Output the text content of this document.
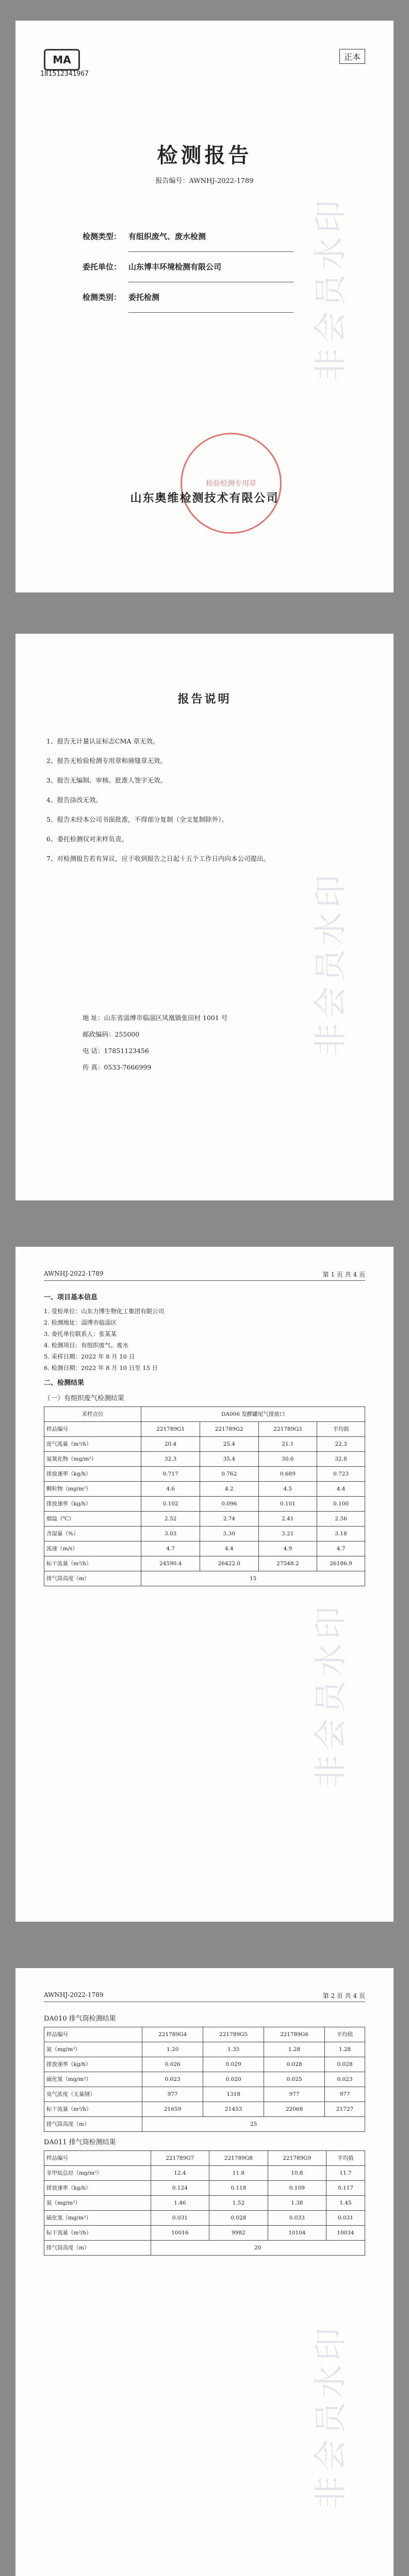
MA
181512341967
正本
检测报告
报告编号：AWNHJ-2022-1789
检测类型： 有组织废气、废水检测
委托单位： 山东博丰环境检测有限公司
检测类别： 委托检测
检验检测专用章
山东奥维检测技术有限公司
非会员水印
报告说明
1、报告无计量认证标志CMA 章无效。
2、报告无检验检测专用章和骑缝章无效。
3、报告无编制、审核、批准人签字无效。
4、报告涂改无效。
5、报告未经本公司书面批准，不得部分复制（全文复制除外）。
6、委托检测仅对来样负责。
7、对检测报告若有异议，应于收到报告之日起十五个工作日内向本公司提出。
地 址：山东省淄博市临淄区凤凰镇张田村 1001 号
邮政编码：255000
电 话：17851123456
传 真：0533-7666999
非会员水印
AWNHJ-2022-1789	第 1 页 共 4 页
一、项目基本信息
1. 受检单位：山东力博生物化工集团有限公司
2. 检测地址：淄博市临淄区
3. 委托单位联系人：张某某
4. 检测项目：有组织废气、废水
5. 采样日期：2022 年 8 月 10 日
6. 检测日期：2022 年 8 月 10 日至 15 日
二、检测结果
（一）有组织废气检测结果
采样点位	DA006 发酵罐尾气排放口			
样品编号	221789G1	221789G2	221789G3	平均值
废气流量（m³/h）	20.4	25.4	21.1	22.3
氮氧化物（mg/m³）	32.3	35.4	30.6	32.8
排放速率（kg/h）	0.717	0.762	0.689	0.723
颗粒物（mg/m³）	4.6	4.2	4.5	4.4
排放速率（kg/h）	0.102	0.096	0.101	0.100
烟温（℃）	2.52	2.74	2.41	2.56
含湿量（%）	3.03	3.30	3.21	3.18
流速（m/s）	4.7	4.4	4.9	4.7
标干流量（m³/h）	24590.4	26422.0	27548.2	26186.9
排气筒高度（m）	15			
非会员水印
AWNHJ-2022-1789	第 2 页 共 4 页
DA010 排气筒检测结果
样品编号	221789G4	221789G5	221789G6	平均值
氨（mg/m³）	1.20	1.35	1.28	1.28
排放速率（kg/h）	0.026	0.029	0.028	0.028
硫化氢（mg/m³）	0.023	0.020	0.025	0.023
臭气浓度（无量纲）	977	1318	977	977
标干流量（m³/h）	21659	21453	22068	21727
排气筒高度（m）	25			
DA011 排气筒检测结果
样品编号	221789G7	221789G8	221789G9	平均值
非甲烷总烃（mg/m³）	12.4	11.8	10.8	11.7
排放速率（kg/h）	0.124	0.118	0.109	0.117
氨（mg/m³）	1.46	1.52	1.38	1.45
硫化氢（mg/m³）	0.031	0.028	0.033	0.031
标干流量（m³/h）	10016	9982	10104	10034
排气筒高度（m）	20			
非会员水印
